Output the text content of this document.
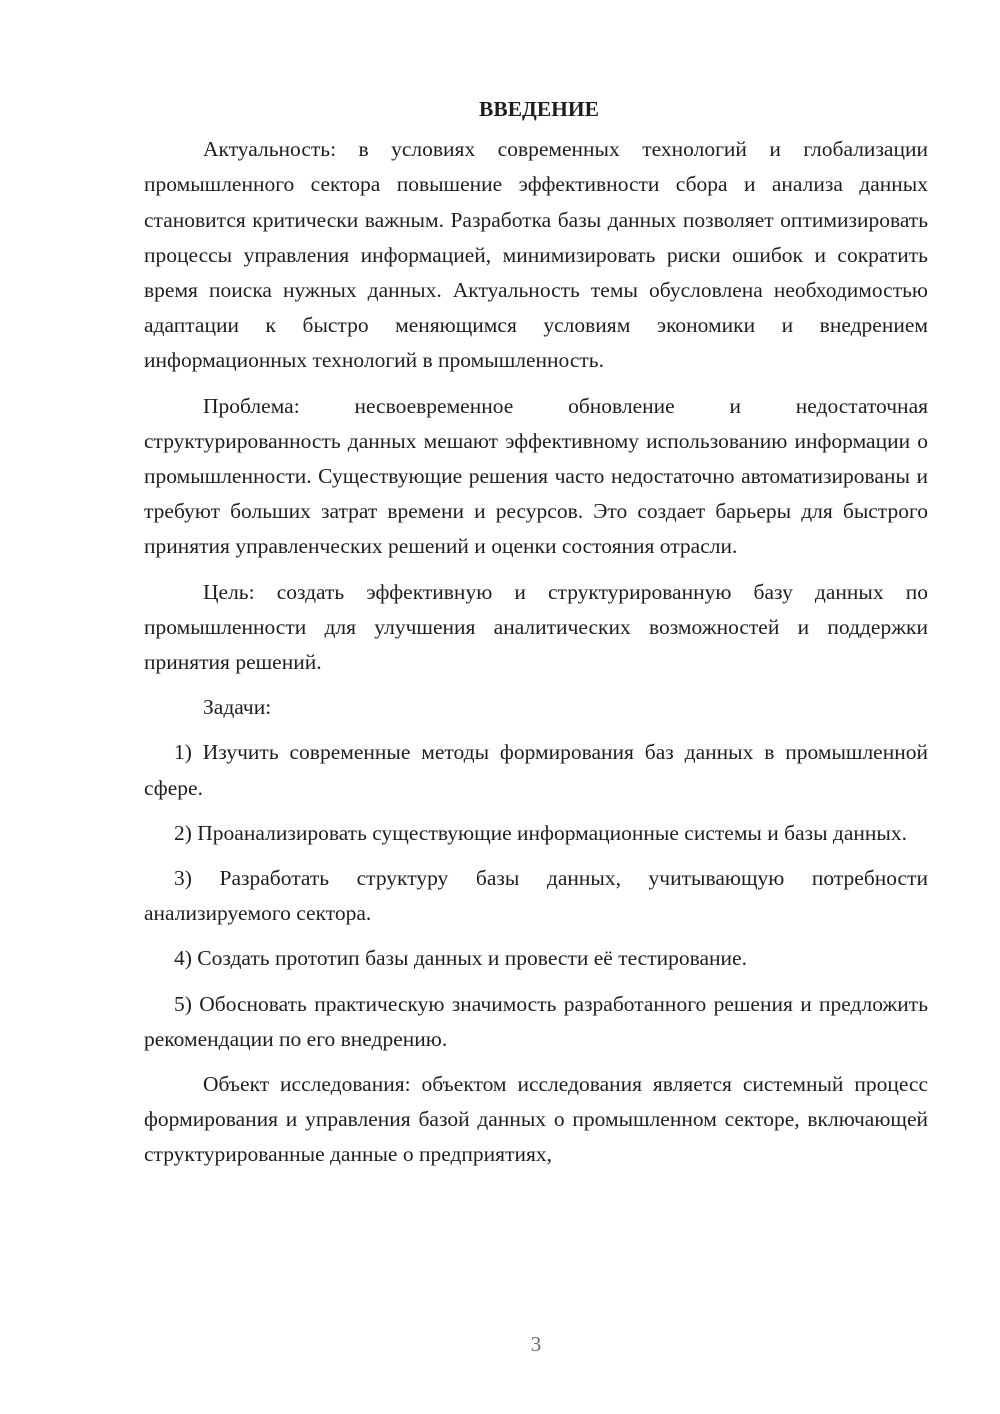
ВВЕДЕНИЕ

Актуальность: в условиях современных технологий и глобализации промышленного сектора повышение эффективности сбора и анализа данных становится критически важным. Разработка базы данных позволяет оптимизировать процессы управления информацией, минимизировать риски ошибок и сократить время поиска нужных данных. Актуальность темы обусловлена необходимостью адаптации к быстро меняющимся условиям экономики и внедрением информационных технологий в промышленность.

Проблема: несвоевременное обновление и недостаточная структурированность данных мешают эффективному использованию информации о промышленности. Существующие решения часто недостаточно автоматизированы и требуют больших затрат времени и ресурсов. Это создает барьеры для быстрого принятия управленческих решений и оценки состояния отрасли.

Цель: создать эффективную и структурированную базу данных по промышленности для улучшения аналитических возможностей и поддержки принятия решений.

Задачи:

1) Изучить современные методы формирования баз данных в промышленной сфере.

2) Проанализировать существующие информационные системы и базы данных.

3) Разработать структуру базы данных, учитывающую потребности анализируемого сектора.

4) Создать прототип базы данных и провести её тестирование.

5) Обосновать практическую значимость разработанного решения и предложить рекомендации по его внедрению.

Объект исследования: объектом исследования является системный процесс формирования и управления базой данных о промышленном секторе, включающей структурированные данные о предприятиях,

3
